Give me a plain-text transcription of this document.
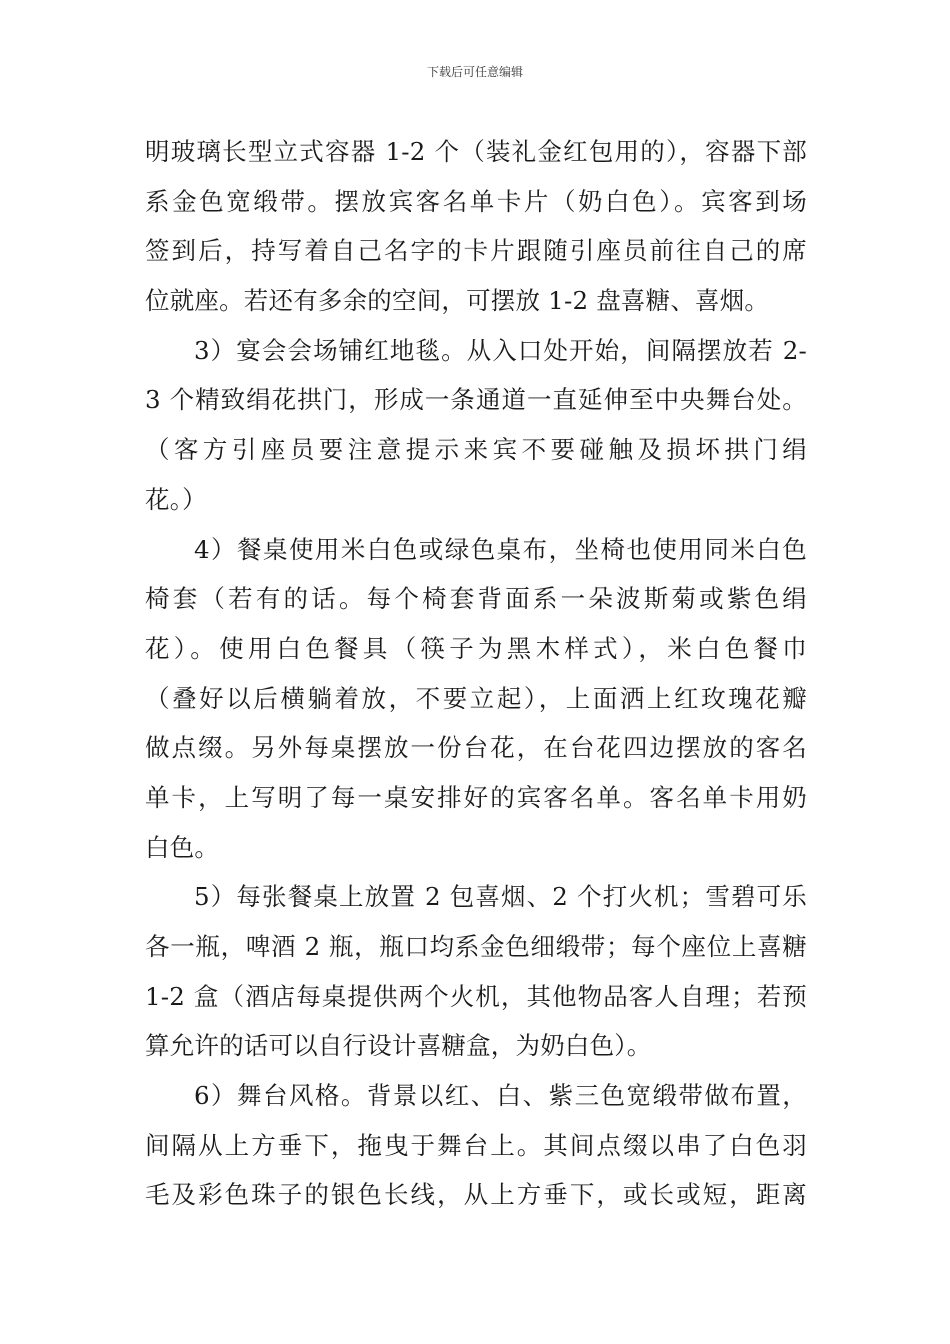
下载后可任意编辑
明玻璃长型立式容器 1-2 个（装礼金红包用的），容器下部
系金色宽缎带。摆放宾客名单卡片（奶白色）。宾客到场
签到后，持写着自己名字的卡片跟随引座员前往自己的席
位就座。若还有多余的空间，可摆放 1-2 盘喜糖、喜烟。
3）宴会会场铺红地毯。从入口处开始，间隔摆放若 2-
3 个精致绢花拱门，形成一条通道一直延伸至中央舞台处。
（客方引座员要注意提示来宾不要碰触及损坏拱门绢
花。）
4）餐桌使用米白色或绿色桌布，坐椅也使用同米白色
椅套（若有的话。每个椅套背面系一朵波斯菊或紫色绢
花）。使用白色餐具（筷子为黑木样式），米白色餐巾
（叠好以后横躺着放，不要立起），上面洒上红玫瑰花瓣
做点缀。另外每桌摆放一份台花，在台花四边摆放的客名
单卡，上写明了每一桌安排好的宾客名单。客名单卡用奶
白色。
5）每张餐桌上放置 2 包喜烟、2 个打火机；雪碧可乐
各一瓶，啤酒 2 瓶，瓶口均系金色细缎带；每个座位上喜糖
1-2 盒（酒店每桌提供两个火机，其他物品客人自理；若预
算允许的话可以自行设计喜糖盒，为奶白色）。
6）舞台风格。背景以红、白、紫三色宽缎带做布置，
间隔从上方垂下，拖曳于舞台上。其间点缀以串了白色羽
毛及彩色珠子的银色长线，从上方垂下，或长或短，距离
